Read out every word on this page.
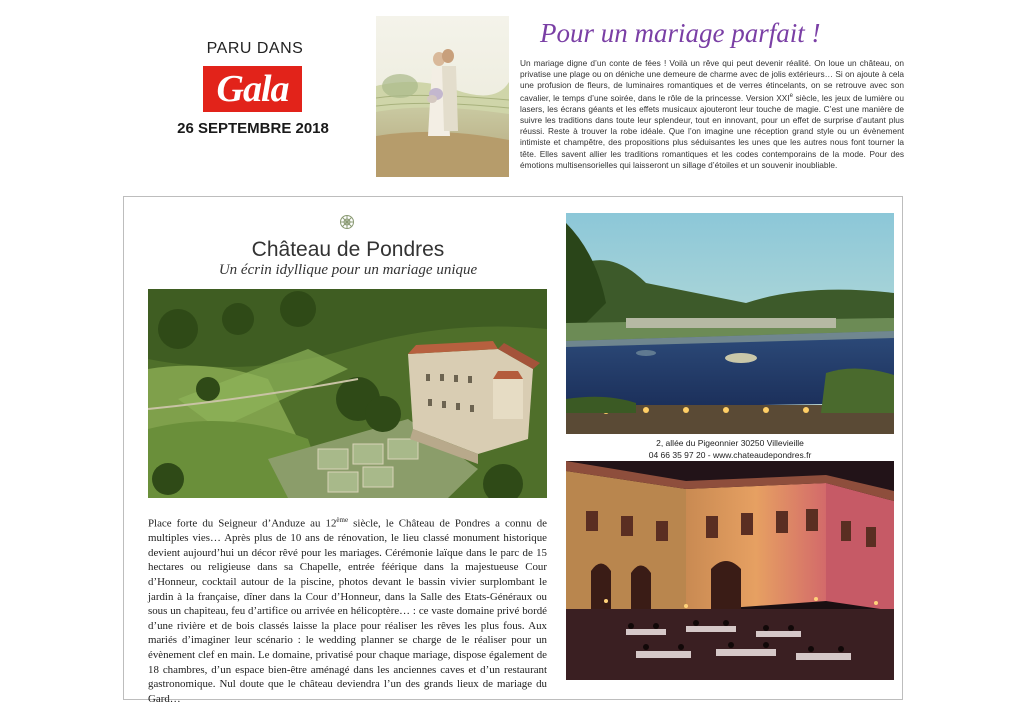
PARU DANS
Gala
26 SEPTEMBRE 2018
Pour un mariage parfait !
Un mariage digne d’un conte de fées ! Voilà un rêve qui peut devenir réalité. On loue un château, on privatise une plage ou on déniche une demeure de charme avec de jolis extérieurs… Si on ajoute à cela une profusion de fleurs, de luminaires romantiques et de verres étincelants, on se retrouve avec son cavalier, le temps d’une soirée, dans le rôle de la princesse. Version XXIe siècle, les jeux de lumière ou lasers, les écrans géants et les effets musicaux ajouteront leur touche de magie. C’est une manière de suivre les traditions dans toute leur splendeur, tout en innovant, pour un effet de surprise d’autant plus réussi. Reste à trouver la robe idéale. Que l’on imagine une réception grand style ou un évènement intimiste et champêtre, des propositions plus séduisantes les unes que les autres nous font tourner la tête. Elles savent allier les traditions romantiques et les codes contemporains de la mode. Pour des émotions multisensorielles qui laisseront un sillage d’étoiles et un souvenir inoubliable.
Château de Pondres
Un écrin idyllique pour un mariage unique
2, allée du Pigeonnier 30250 Villevieille
04 66 35 97 20 - www.chateaudepondres.fr
Place forte du Seigneur d’Anduze au 12ème siècle, le Château de Pondres a connu de multiples vies… Après plus de 10 ans de rénovation, le lieu classé monument historique devient aujourd’hui un décor rêvé pour les mariages. Cérémonie laïque dans le parc de 15 hectares ou religieuse dans sa Chapelle, entrée féérique dans la majestueuse Cour d’Honneur, cocktail autour de la piscine, photos devant le bassin vivier surplombant le jardin à la française, dîner dans la Cour d’Honneur, dans la Salle des Etats-Généraux ou sous un chapiteau, feu d’artifice ou arrivée en hélicoptère… : ce vaste domaine privé bordé d’une rivière et de bois classés laisse la place pour réaliser les rêves les plus fous. Aux mariés d’imaginer leur scénario : le wedding planner se charge de le réaliser pour un évènement clef en main. Le domaine, privatisé pour chaque mariage, dispose également de 18 chambres, d’un espace bien-être aménagé dans les anciennes caves et d’un restaurant gastronomique. Nul doute que le château deviendra l’un des grands lieux de mariage du Gard…
